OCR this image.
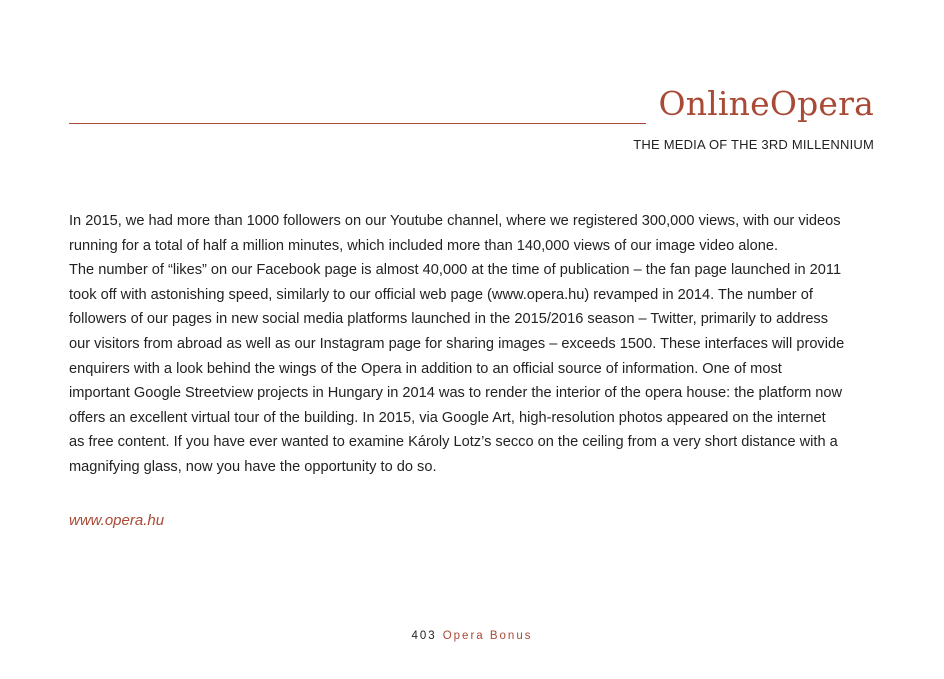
OnlineOpera
THE MEDIA OF THE 3RD MILLENNIUM
In 2015, we had more than 1000 followers on our Youtube channel, where we registered 300,000 views, with our videos
running for a total of half a million minutes, which included more than 140,000 views of our image video alone.
The number of “likes” on our Facebook page is almost 40,000 at the time of publication – the fan page launched in 2011
took off with astonishing speed, similarly to our official web page (www.opera.hu) revamped in 2014. The number of
followers of our pages in new social media platforms launched in the 2015/2016 season – Twitter, primarily to address
our visitors from abroad as well as our Instagram page for sharing images – exceeds 1500. These interfaces will provide
enquirers with a look behind the wings of the Opera in addition to an official source of information. One of most
important Google Streetview projects in Hungary in 2014 was to render the interior of the opera house: the platform now
offers an excellent virtual tour of the building. In 2015, via Google Art, high-resolution photos appeared on the internet
as free content. If you have ever wanted to examine Károly Lotz’s secco on the ceiling from a very short distance with a
magnifying glass, now you have the opportunity to do so.
www.opera.hu
403 Opera Bonus
